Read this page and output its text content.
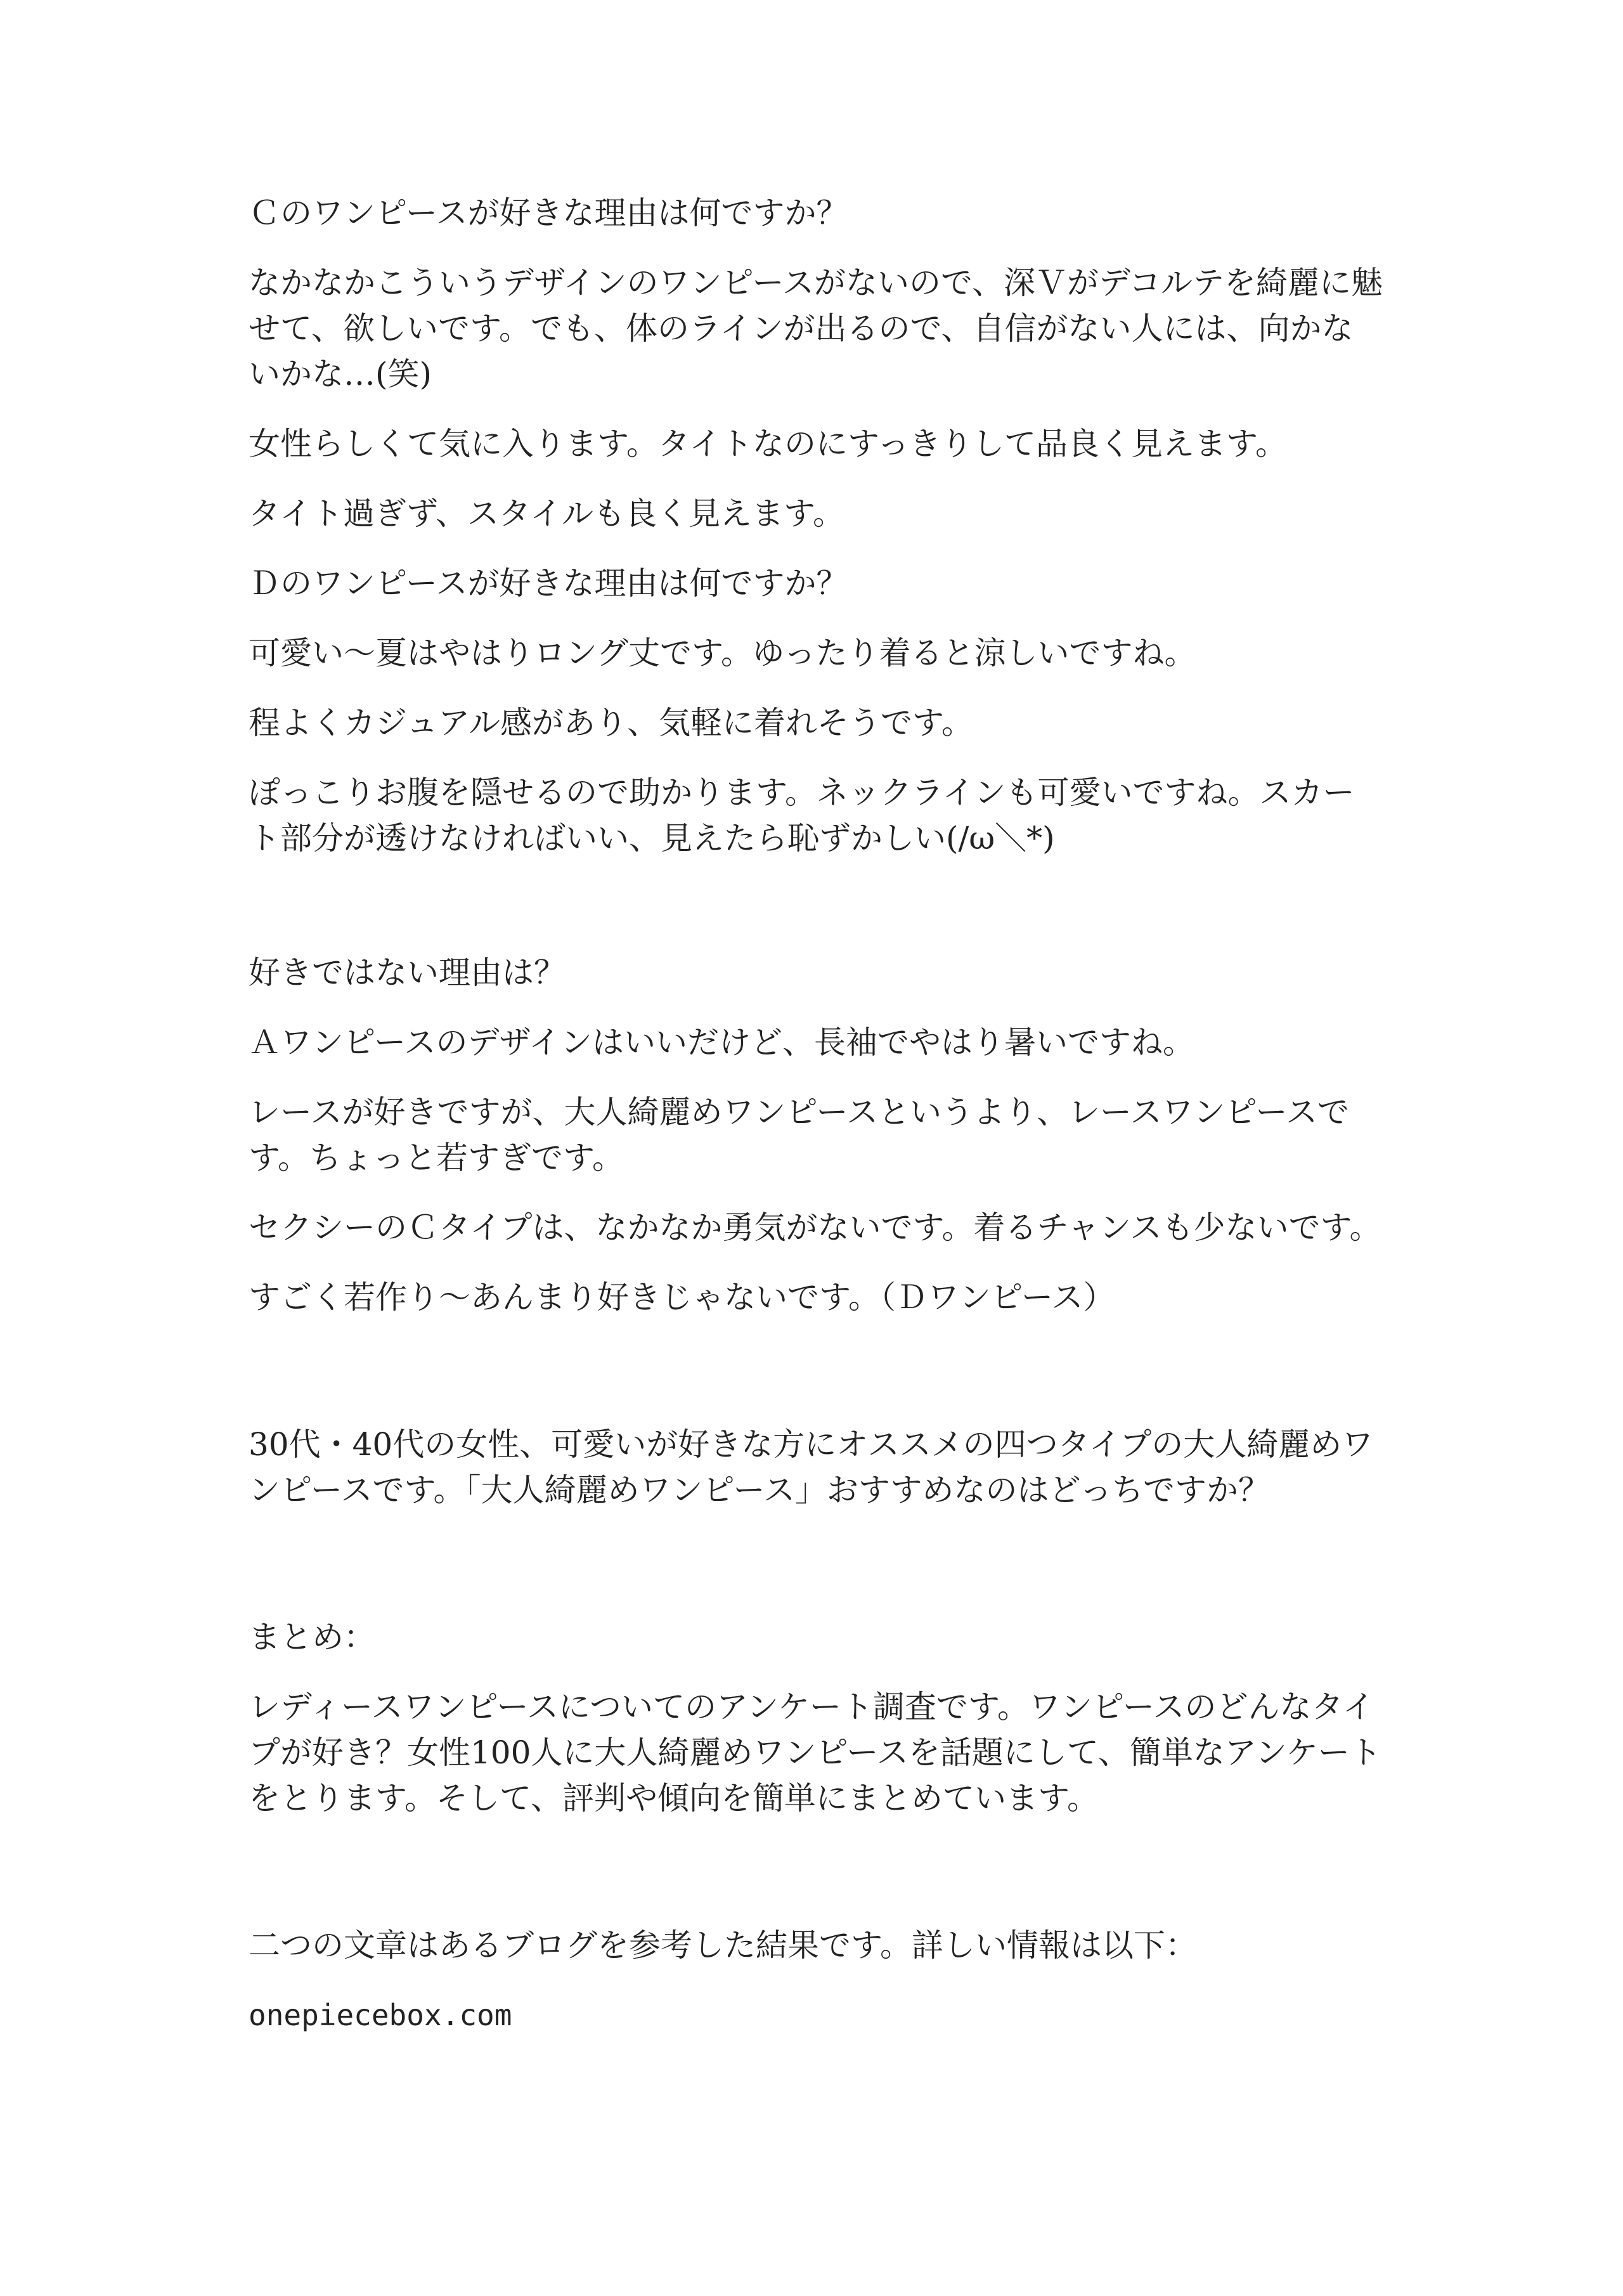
Ｃのワンピースが好きな理由は何ですか？

なかなかこういうデザインのワンピースがないので、深Ｖがデコルテを綺麗に魅せて、欲しいです。でも、体のラインが出るので、自信がない人には、向かないかな…(笑)

女性らしくて気に入ります。タイトなのにすっきりして品良く見えます。

タイト過ぎず、スタイルも良く見えます。

Ｄのワンピースが好きな理由は何ですか？

可愛い～夏はやはりロング丈です。ゆったり着ると涼しいですね。

程よくカジュアル感があり、気軽に着れそうです。

ぽっこりお腹を隠せるので助かります。ネックラインも可愛いですね。スカート部分が透けなければいい、見えたら恥ずかしい(/ω＼*)

好きではない理由は？

Ａワンピースのデザインはいいだけど、長袖でやはり暑いですね。

レースが好きですが、大人綺麗めワンピースというより、レースワンピースです。ちょっと若すぎです。

セクシーのＣタイプは、なかなか勇気がないです。着るチャンスも少ないです。

すごく若作り～あんまり好きじゃないです。（Ｄワンピース）

30代・40代の女性、可愛いが好きな方にオススメの四つタイプの大人綺麗めワンピースです。「大人綺麗めワンピース」おすすめなのはどっちですか？

まとめ：

レディースワンピースについてのアンケート調査です。ワンピースのどんなタイプが好き？女性100人に大人綺麗めワンピースを話題にして、簡単なアンケートをとります。そして、評判や傾向を簡単にまとめています。

二つの文章はあるブログを参考した結果です。詳しい情報は以下：

onepiecebox.com
